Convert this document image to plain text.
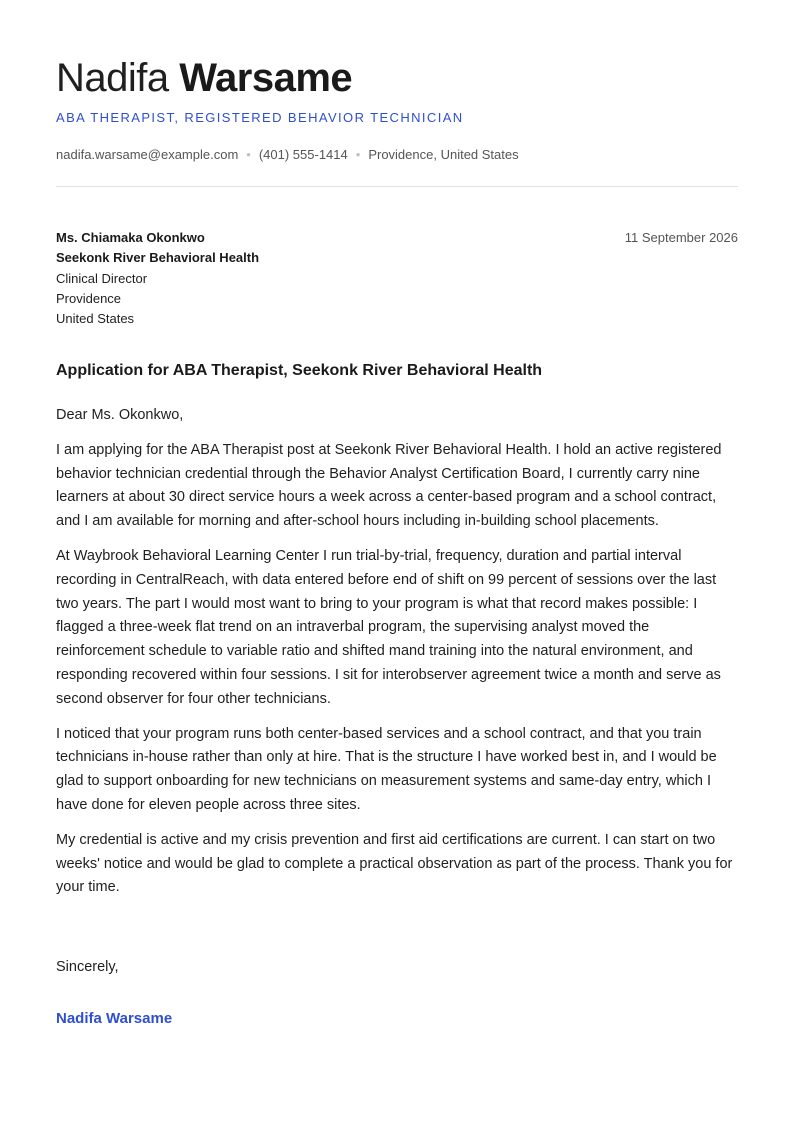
Nadifa Warsame
ABA THERAPIST, REGISTERED BEHAVIOR TECHNICIAN
nadifa.warsame@example.com • (401) 555-1414 • Providence, United States
Ms. Chiamaka Okonkwo
Seekonk River Behavioral Health
Clinical Director
Providence
United States
11 September 2026
Application for ABA Therapist, Seekonk River Behavioral Health

Dear Ms. Okonkwo,

I am applying for the ABA Therapist post at Seekonk River Behavioral Health. I hold an active registered behavior technician credential through the Behavior Analyst Certification Board, I currently carry nine learners at about 30 direct service hours a week across a center-based program and a school contract, and I am available for morning and after-school hours including in-building school placements.

At Waybrook Behavioral Learning Center I run trial-by-trial, frequency, duration and partial interval recording in CentralReach, with data entered before end of shift on 99 percent of sessions over the last two years. The part I would most want to bring to your program is what that record makes possible: I flagged a three-week flat trend on an intraverbal program, the supervising analyst moved the reinforcement schedule to variable ratio and shifted mand training into the natural environment, and responding recovered within four sessions. I sit for interobserver agreement twice a month and serve as second observer for four other technicians.

I noticed that your program runs both center-based services and a school contract, and that you train technicians in-house rather than only at hire. That is the structure I have worked best in, and I would be glad to support onboarding for new technicians on measurement systems and same-day entry, which I have done for eleven people across three sites.

My credential is active and my crisis prevention and first aid certifications are current. I can start on two weeks' notice and would be glad to complete a practical observation as part of the process. Thank you for your time.

Sincerely,
Nadifa Warsame
